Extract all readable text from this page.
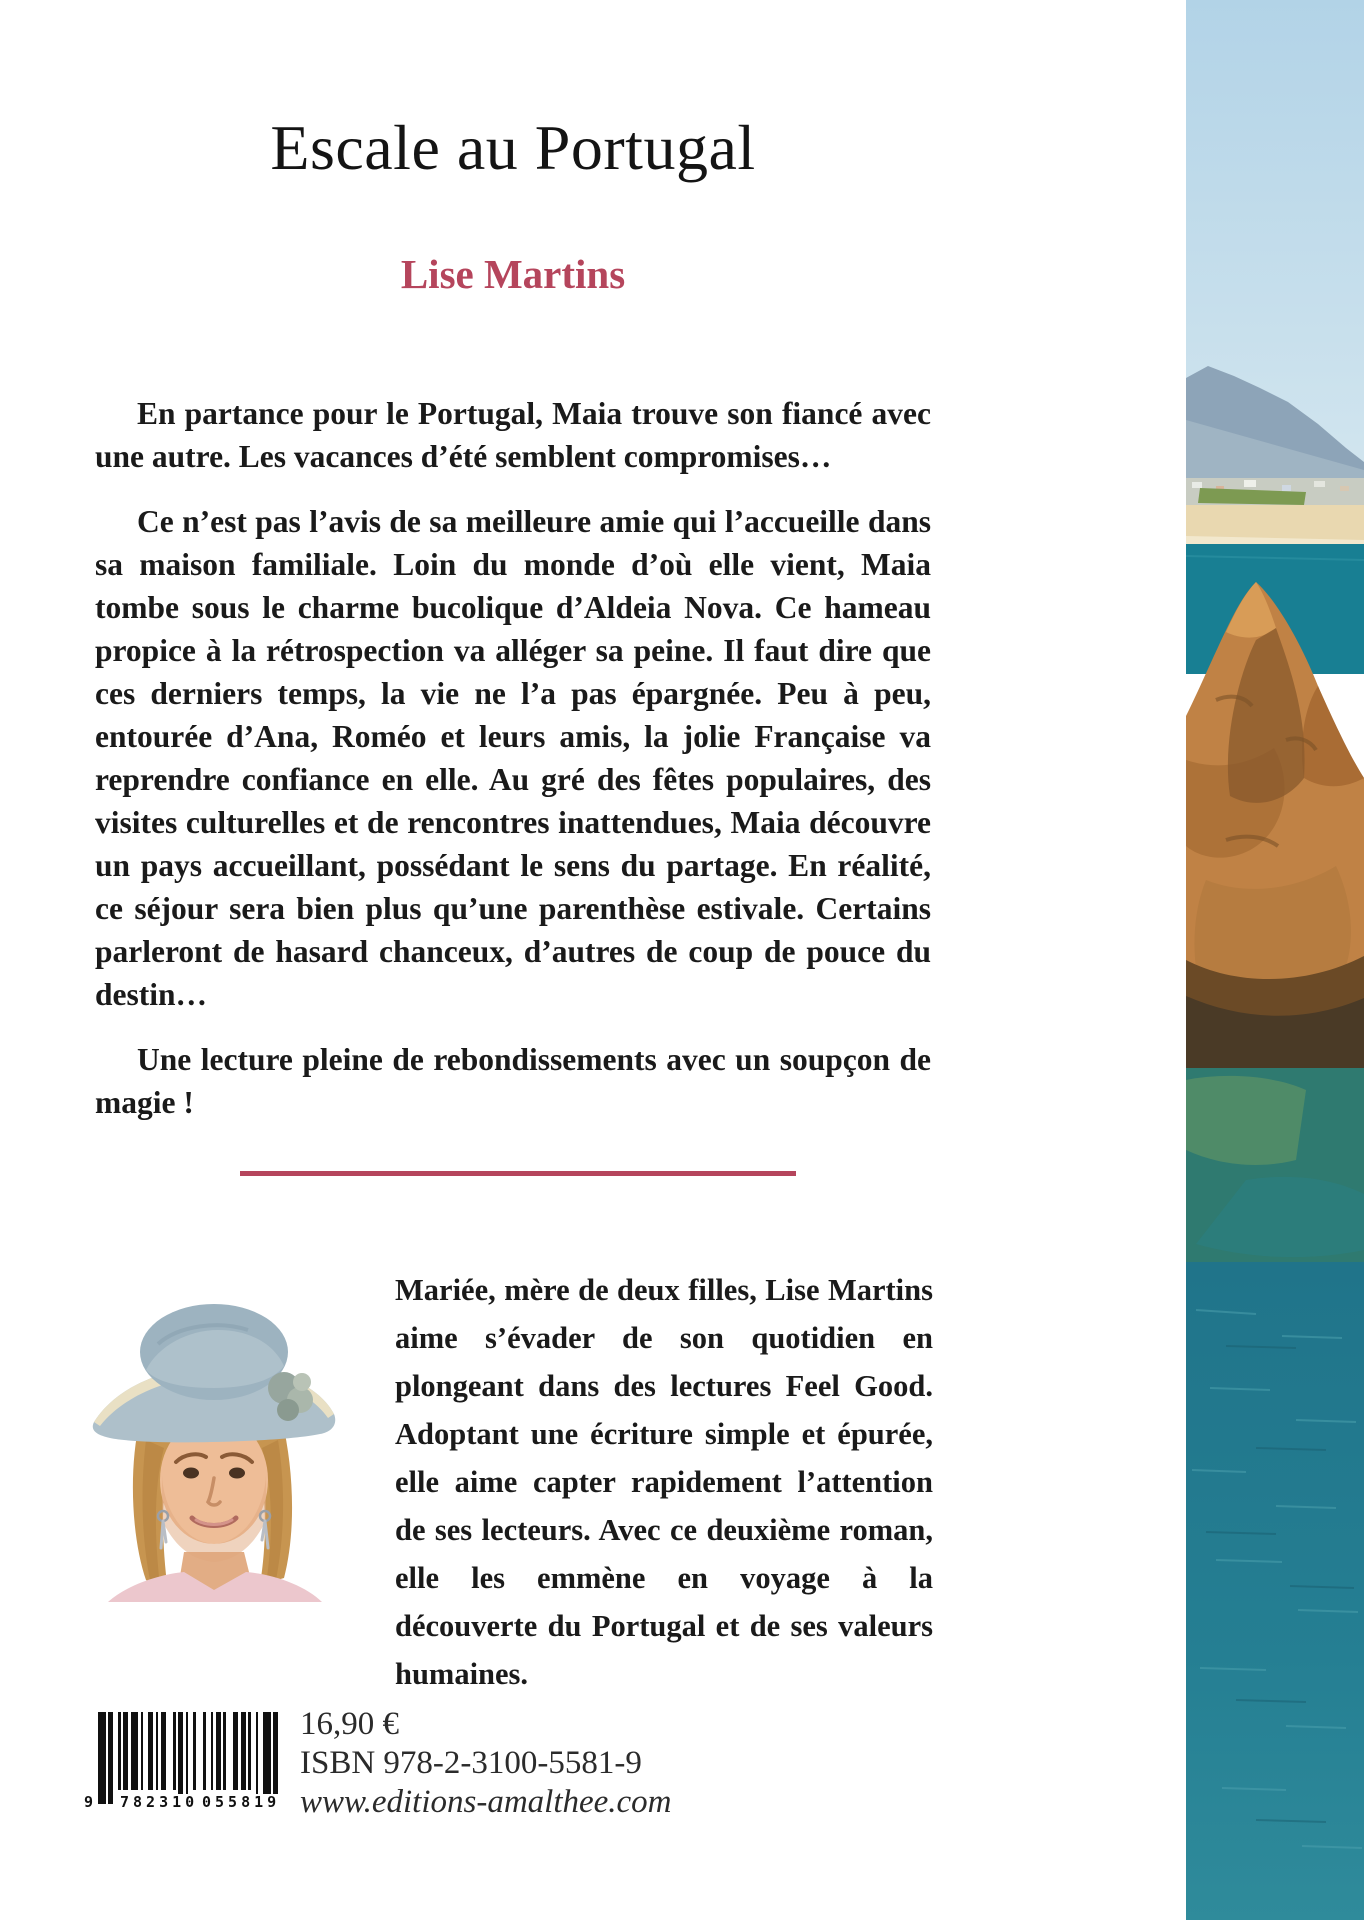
Escale au Portugal
Lise Martins

En partance pour le Portugal, Maia trouve son fiancé avec une autre. Les vacances d’été semblent compromises…

Ce n’est pas l’avis de sa meilleure amie qui l’accueille dans sa maison familiale. Loin du monde d’où elle vient, Maia tombe sous le charme bucolique d’Aldeia Nova. Ce hameau propice à la rétrospection va alléger sa peine. Il faut dire que ces derniers temps, la vie ne l’a pas épargnée. Peu à peu, entourée d’Ana, Roméo et leurs amis, la jolie Française va reprendre confiance en elle. Au gré des fêtes populaires, des visites culturelles et de rencontres inattendues, Maia découvre un pays accueillant, possédant le sens du partage. En réalité, ce séjour sera bien plus qu’une parenthèse estivale. Certains parleront de hasard chanceux, d’autres de coup de pouce du destin…

Une lecture pleine de rebondissements avec un soupçon de magie !

Mariée, mère de deux filles, Lise Martins aime s’évader de son quotidien en plongeant dans des lectures Feel Good. Adoptant une écriture simple et épurée, elle aime capter rapidement l’attention de ses lecteurs. Avec ce deuxième roman, elle les emmène en voyage à la découverte du Portugal et de ses valeurs humaines.

9 782310 055819
16,90 €
ISBN 978-2-3100-5581-9
www.editions-amalthee.com
